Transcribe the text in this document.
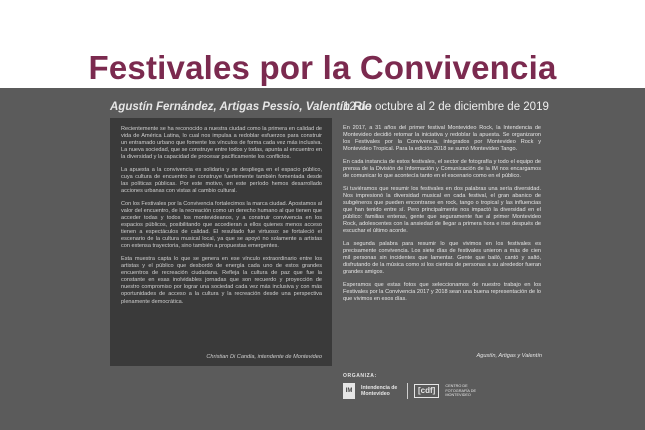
Festivales por la Convivencia
Agustín Fernández, Artigas Pessio, Valentín Río
12 de octubre al 2 de diciembre de 2019

Recientemente se ha reconocido a nuestra ciudad como la primera en calidad de vida de América Latina, lo cual nos impulsa a redoblar esfuerzos para construir un entramado urbano que fomente los vínculos de forma cada vez más inclusiva. La nueva sociedad, que se construye entre todos y todas, apunta al encuentro en la diversidad y la capacidad de procesar pacíficamente los conflictos.

La apuesta a la convivencia es solidaria y se despliega en el espacio público, cuya cultura de encuentro se construye fuertemente también fomentada desde las políticas públicas. Por este motivo, en este período hemos desarrollado acciones urbanas con vistas al cambio cultural.

Con los Festivales por la Convivencia fortalecimos la marca ciudad. Apostamos al valor del encuentro, de la recreación como un derecho humano al que tienen que acceder todas y todos los montevideanos, y a construir convivencia en los espacios públicos, posibilitando que accedieran a ellos quienes menos acceso tienen a espectáculos de calidad. El resultado fue virtuoso: se fortaleció el escenario de la cultura musical local, ya que se apoyó no solamente a artistas con extensa trayectoria, sino también a propuestas emergentes.

Esta muestra capta lo que se genera en ese vínculo extraordinario entre los artistas y el público que desbordó de energía cada uno de estos grandes encuentros de recreación ciudadana. Refleja la cultura de paz que fue la constante en esas inolvidables jornadas que son recuerdo y proyección de nuestro compromiso por lograr una sociedad cada vez más inclusiva y con más oportunidades de acceso a la cultura y la recreación desde una perspectiva plenamente democrática.

Christian Di Candia, intendente de Montevideo

En 2017, a 31 años del primer festival Montevideo Rock, la Intendencia de Montevideo decidió retomar la iniciativa y redoblar la apuesta. Se organizaron los Festivales por la Convivencia, integrados por Montevideo Rock y Montevideo Tropical. Para la edición 2018 se sumó Montevideo Tango.

En cada instancia de estos festivales, el sector de fotografía y todo el equipo de prensa de la División de Información y Comunicación de la IM nos encargamos de comunicar lo que acontecía tanto en el escenario como en el público.

Si tuviéramos que resumir los festivales en dos palabras una sería diversidad. Nos impresionó la diversidad musical en cada festival, el gran abanico de subgéneros que pueden encontrarse en rock, tango o tropical y las influencias que han tenido entre sí. Pero principalmente nos impactó la diversidad en el público: familias enteras, gente que seguramente fue al primer Montevideo Rock, adolescentes con la ansiedad de llegar a primera hora e irse después de escuchar el último acorde.

La segunda palabra para resumir lo que vivimos en los festivales es precisamente convivencia. Los siete días de festivales unieron a más de cien mil personas sin incidentes que lamentar. Gente que bailó, cantó y saltó, disfrutando de la música como si los cientos de personas a su alrededor fueran grandes amigos.

Esperamos que estas fotos que seleccionamos de nuestro trabajo en los Festivales por la Convivencia 2017 y 2018 sean una buena representación de lo que vivimos en esos días.

Agustín, Artigas y Valentín
ORGANIZA:
IM	Intendencia de Montevideo	[cdf]	CENTRO DE FOTOGRAFÍA DE MONTEVIDEO
